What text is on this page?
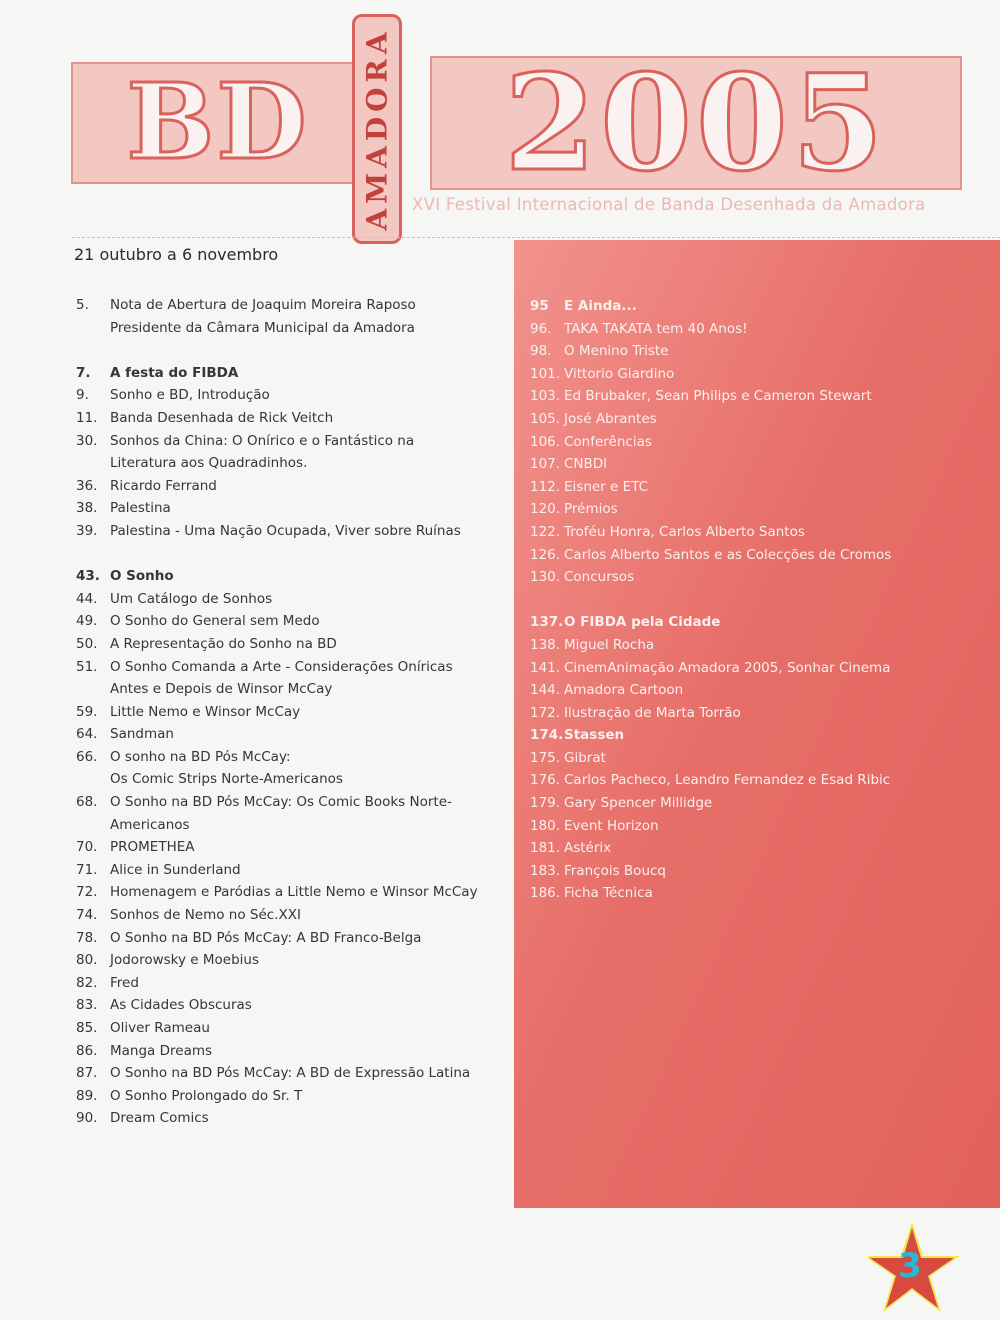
BD	AMADORA 2005
XVI Festival Internacional de Banda Desenhada da Amadora
21 outubro a 6 novembro
5.	Nota de Abertura de Joaquim Moreira Raposo
Presidente da Câmara Municipal da Amadora
7.	A festa do FIBDA
9.	Sonho e BD, Introdução
11. Banda Desenhada de Rick Veitch
30. Sonhos da China: O Onírico e o Fantástico na
Literatura aos Quadradinhos.
36. Ricardo Ferrand
38. Palestina
39. Palestina - Uma Nação Ocupada, Viver sobre Ruínas
43. O Sonho
44. Um Catálogo de Sonhos
49. O Sonho do General sem Medo
50. A Representação do Sonho na BD
51. O Sonho Comanda a Arte - Considerações Oníricas
Antes e Depois de Winsor McCay
59. Little Nemo e Winsor McCay
64. Sandman
66. O sonho na BD Pós McCay:
Os Comic Strips Norte-Americanos
68. O Sonho na BD Pós McCay: Os Comic Books Norte-
Americanos
70. PROMETHEA
71. Alice in Sunderland
72. Homenagem e Paródias a Little Nemo e Winsor McCay
74. Sonhos de Nemo no Séc.XXI
78. O Sonho na BD Pós McCay: A BD Franco-Belga
80. Jodorowsky e Moebius
82. Fred
83. As Cidades Obscuras
85. Oliver Rameau
86. Manga Dreams
87. O Sonho na BD Pós McCay: A BD de Expressão Latina
89. O Sonho Prolongado do Sr. T
90. Dream Comics
95	E Ainda...
96. TAKA TAKATA tem 40 Anos!
98. O Menino Triste
101. Vittorio Giardino
103. Ed Brubaker, Sean Philips e Cameron Stewart
105. José Abrantes
106. Conferências
107. CNBDI
112. Eisner e ETC
120. Prémios
122. Troféu Honra, Carlos Alberto Santos
126. Carlos Alberto Santos e as Colecções de Cromos
130. Concursos
137. O FIBDA pela Cidade
138. Miguel Rocha
141. CinemAnimação Amadora 2005, Sonhar Cinema
144. Amadora Cartoon
172. Ilustração de Marta Torrão
174. Stassen
175. Gibrat
176. Carlos Pacheco, Leandro Fernandez e Esad Ribic
179. Gary Spencer Millidge
180. Event Horizon
181. Astérix
183. François Boucq
186. Ficha Técnica
3
